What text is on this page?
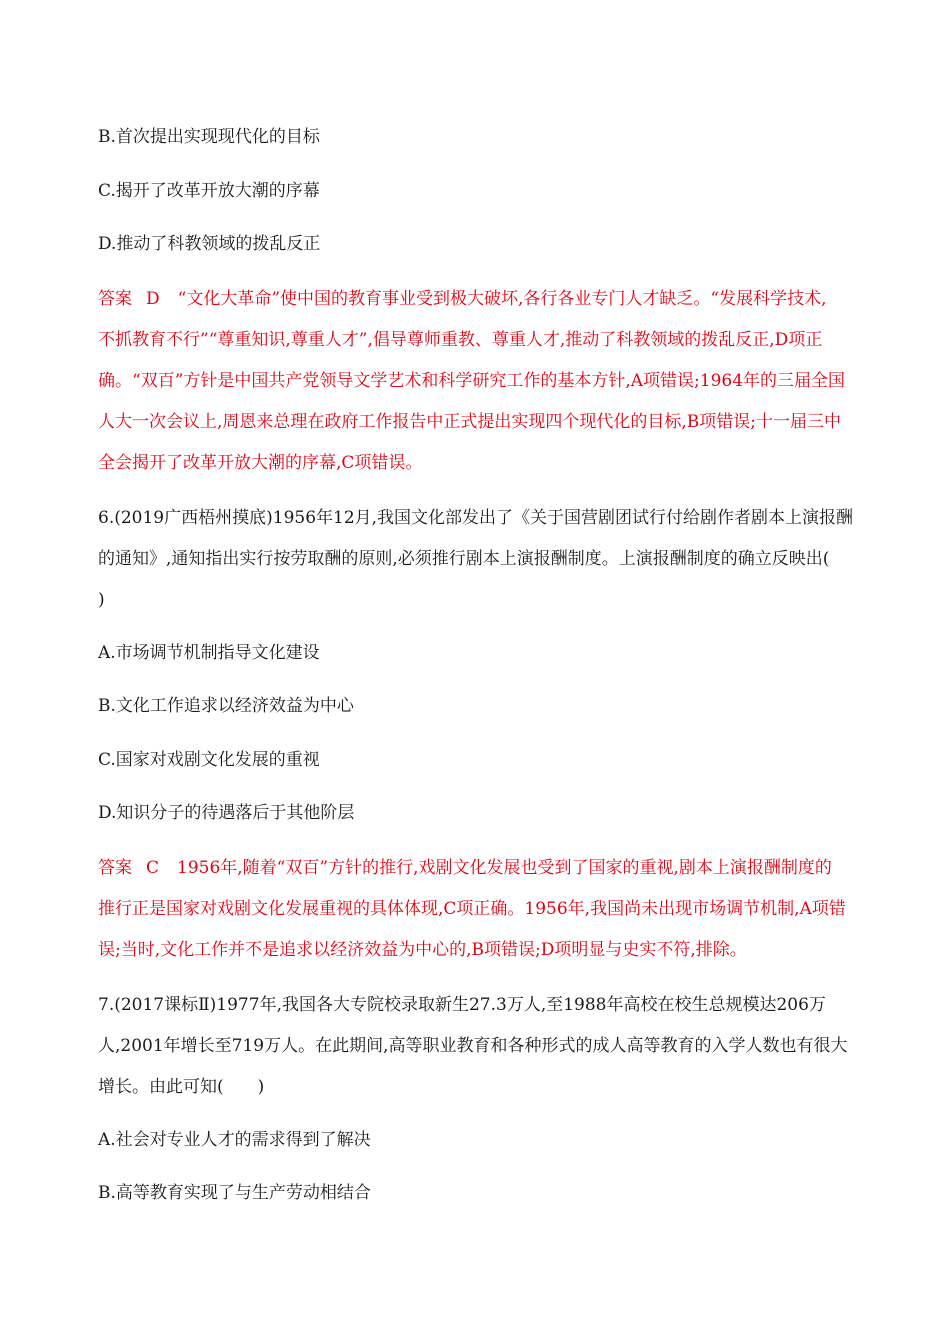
B.首次提出实现现代化的目标
C.揭开了改革开放大潮的序幕
D.推动了科教领域的拨乱反正
答案 D “文化大革命”使中国的教育事业受到极大破坏,各行各业专门人才缺乏。“发展科学技术,
不抓教育不行”“尊重知识,尊重人才”,倡导尊师重教、尊重人才,推动了科教领域的拨乱反正,D项正
确。“双百”方针是中国共产党领导文学艺术和科学研究工作的基本方针,A项错误;1964年的三届全国
人大一次会议上,周恩来总理在政府工作报告中正式提出实现四个现代化的目标,B项错误;十一届三中
全会揭开了改革开放大潮的序幕,C项错误。
6.(2019广西梧州摸底)1956年12月,我国文化部发出了《关于国营剧团试行付给剧作者剧本上演报酬
的通知》,通知指出实行按劳取酬的原则,必须推行剧本上演报酬制度。上演报酬制度的确立反映出(
)
A.市场调节机制指导文化建设
B.文化工作追求以经济效益为中心
C.国家对戏剧文化发展的重视
D.知识分子的待遇落后于其他阶层
答案 C 1956年,随着“双百”方针的推行,戏剧文化发展也受到了国家的重视,剧本上演报酬制度的
推行正是国家对戏剧文化发展重视的具体体现,C项正确。1956年,我国尚未出现市场调节机制,A项错
误;当时,文化工作并不是追求以经济效益为中心的,B项错误;D项明显与史实不符,排除。
7.(2017课标Ⅱ)1977年,我国各大专院校录取新生27.3万人,至1988年高校在校生总规模达206万
人,2001年增长至719万人。在此期间,高等职业教育和各种形式的成人高等教育的入学人数也有很大
增长。由此可知(　　)
A.社会对专业人才的需求得到了解决
B.高等教育实现了与生产劳动相结合
